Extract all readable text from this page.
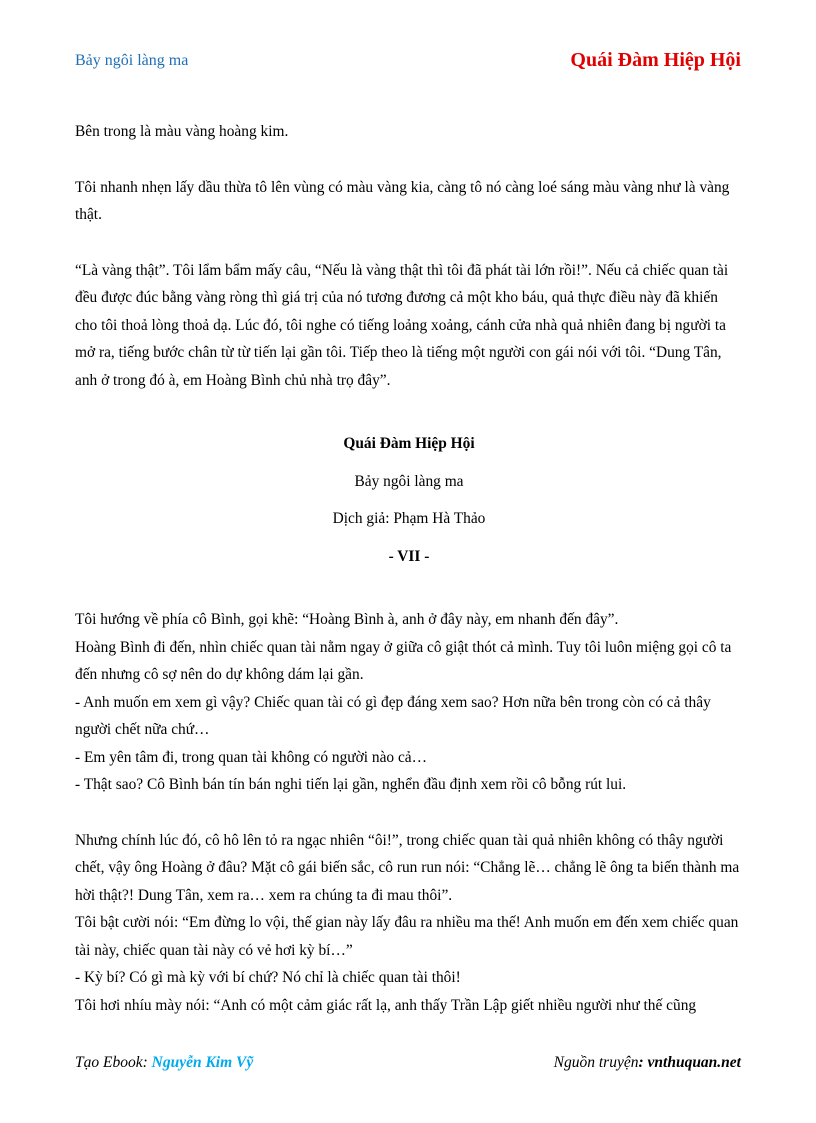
Bảy ngôi làng ma	Quái Đàm Hiệp Hội

Bên trong là màu vàng hoàng kim.

Tôi nhanh nhẹn lấy dầu thừa tô lên vùng có màu vàng kia, càng tô nó càng loé sáng màu vàng như là vàng thật.

“Là vàng thật”. Tôi lẩm bẩm mấy câu, “Nếu là vàng thật thì tôi đã phát tài lớn rồi!”. Nếu cả chiếc quan tài đều được đúc bằng vàng ròng thì giá trị của nó tương đương cả một kho báu, quả thực điều này đã khiến cho tôi thoả lòng thoả dạ. Lúc đó, tôi nghe có tiếng loảng xoảng, cánh cửa nhà quả nhiên đang bị người ta mở ra, tiếng bước chân từ từ tiến lại gần tôi. Tiếp theo là tiếng một người con gái nói với tôi. “Dung Tân, anh ở trong đó à, em Hoàng Bình chủ nhà trọ đây”.

Quái Đàm Hiệp Hội

Bảy ngôi làng ma

Dịch giả: Phạm Hà Thảo

- VII -

Tôi hướng về phía cô Bình, gọi khẽ: “Hoàng Bình à, anh ở đây này, em nhanh đến đây”.

Hoàng Bình đi đến, nhìn chiếc quan tài nằm ngay ở giữa cô giật thót cả mình. Tuy tôi luôn miệng gọi cô ta đến nhưng cô sợ nên do dự không dám lại gần.

- Anh muốn em xem gì vậy? Chiếc quan tài có gì đẹp đáng xem sao? Hơn nữa bên trong còn có cả thây người chết nữa chứ…

- Em yên tâm đi, trong quan tài không có người nào cả…

- Thật sao? Cô Bình bán tín bán nghi tiến lại gần, nghển đầu định xem rồi cô bỗng rút lui.

Nhưng chính lúc đó, cô hô lên tỏ ra ngạc nhiên “ôi!”, trong chiếc quan tài quả nhiên không có thây người chết, vậy ông Hoàng ở đâu? Mặt cô gái biến sắc, cô run run nói: “Chẳng lẽ… chẳng lẽ ông ta biến thành ma hời thật?! Dung Tân, xem ra… xem ra chúng ta đi mau thôi”.

Tôi bật cười nói: “Em đừng lo vội, thế gian này lấy đâu ra nhiều ma thế! Anh muốn em đến xem chiếc quan tài này, chiếc quan tài này có vẻ hơi kỳ bí…”

- Kỳ bí? Có gì mà kỳ với bí chứ? Nó chỉ là chiếc quan tài thôi!

Tôi hơi nhíu mày nói: “Anh có một cảm giác rất lạ, anh thấy Trần Lập giết nhiều người như thế cũng

Tạo Ebook: Nguyễn Kim Vỹ	Nguồn truyện: vnthuquan.net
